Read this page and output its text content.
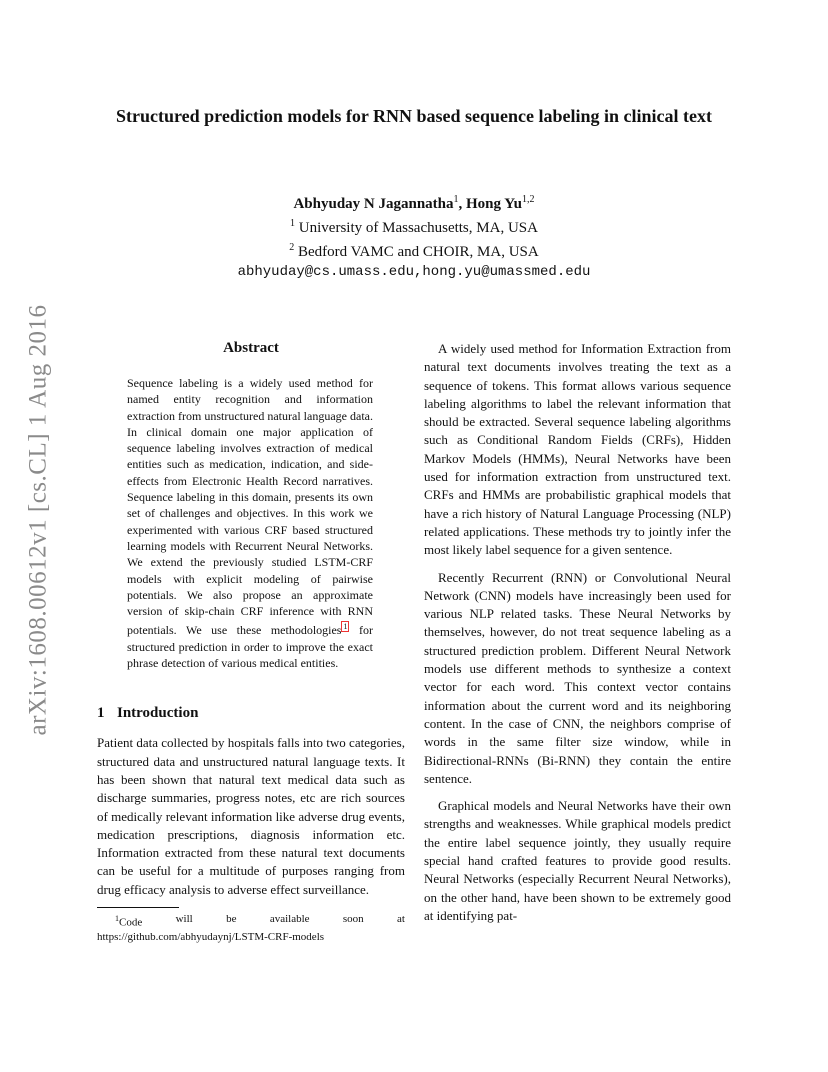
arXiv:1608.00612v1 [cs.CL] 1 Aug 2016
Structured prediction models for RNN based sequence labeling in clinical text
Abhyuday N Jagannatha$^1$, Hong Yu$^{1,2}$
$^1$ University of Massachusetts, MA, USA
$^2$ Bedford VAMC and CHOIR, MA, USA
abhyuday@cs.umass.edu,hong.yu@umassmed.edu
Abstract

Sequence labeling is a widely used method for named entity recognition and information extraction from unstructured natural language data. In clinical domain one major application of sequence labeling involves extraction of medical entities such as medication, indication, and side-effects from Electronic Health Record narratives. Sequence labeling in this domain, presents its own set of challenges and objectives. In this work we experimented with various CRF based structured learning models with Recurrent Neural Networks. We extend the previously studied LSTM-CRF models with explicit modeling of pairwise potentials. We also propose an approximate version of skip-chain CRF inference with RNN potentials. We use these methodologies $^1$ for structured prediction in order to improve the exact phrase detection of various medical entities.

1 Introduction

Patient data collected by hospitals falls into two categories, structured data and unstructured natural language texts. It has been shown that natural text medical data such as discharge summaries, progress notes, etc are rich sources of medically relevant information like adverse drug events, medication prescriptions, diagnosis information etc. Information extracted from these natural text documents can be useful for a multitude of purposes ranging from drug efficacy analysis to adverse effect surveillance.

$^1$Code	will	be	available	soon	at
https://github.com/abhyudaynj/LSTM-CRF-models

A widely used method for Information Extraction from natural text documents involves treating the text as a sequence of tokens. This format allows various sequence labeling algorithms to label the relevant information that should be extracted. Several sequence labeling algorithms such as Conditional Random Fields (CRFs), Hidden Markov Models (HMMs), Neural Networks have been used for information extraction from unstructured text. CRFs and HMMs are probabilistic graphical models that have a rich history of Natural Language Processing (NLP) related applications. These methods try to jointly infer the most likely label sequence for a given sentence.

Recently Recurrent (RNN) or Convolutional Neural Network (CNN) models have increasingly been used for various NLP related tasks. These Neural Networks by themselves, however, do not treat sequence labeling as a structured prediction problem. Different Neural Network models use different methods to synthesize a context vector for each word. This context vector contains information about the current word and its neighboring content. In the case of CNN, the neighbors comprise of words in the same filter size window, while in Bidirectional-RNNs (Bi-RNN) they contain the entire sentence.

Graphical models and Neural Networks have their own strengths and weaknesses. While graphical models predict the entire label sequence jointly, they usually require special hand crafted features to provide good results. Neural Networks (especially Recurrent Neural Networks), on the other hand, have been shown to be extremely good at identifying pat-
